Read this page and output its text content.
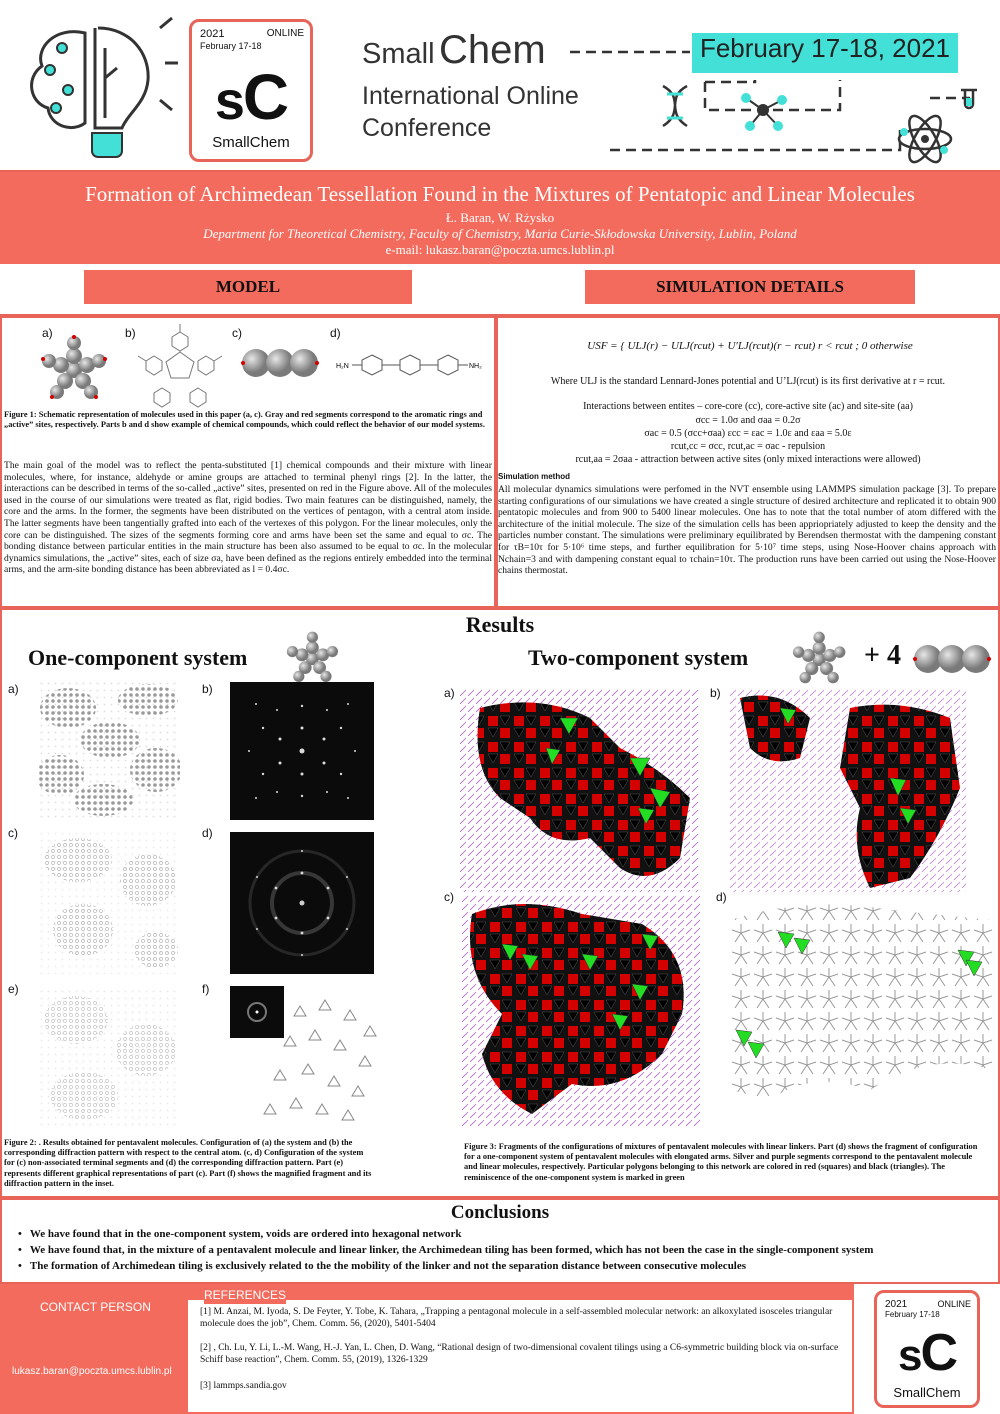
2021	ONLINE
February 17-18
sC
SmallChem
Small Chem
International Online
Conference
February 17-18, 2021
Formation of Archimedean Tessellation Found in the Mixtures of Pentatopic and Linear Molecules
Ł. Baran, W. Rżysko
Department for Theoretical Chemistry, Faculty of Chemistry, Maria Curie-Skłodowska University, Lublin, Poland
e-mail: lukasz.baran@poczta.umcs.lublin.pl
MODEL	SIMULATION DETAILS
a)	b)	c)	d)
H₂N	NH₂
Figure 1: Schematic representation of molecules used in this paper (a, c). Gray and red segments correspond to the aromatic rings and „active” sites, respectively. Parts b and d show example of chemical compounds, which could reflect the behavior of our model systems.

The main goal of the model was to reflect the penta-substituted [1] chemical compounds and their mixture with linear molecules, where, for instance, aldehyde or amine groups are attached to terminal phenyl rings [2]. In the latter, the interactions can be described in terms of the so-called „active” sites, presented on red in the Figure above. All of the molecules used in the course of our simulations were treated as flat, rigid bodies. Two main features can be distinguished, namely, the core and the arms. In the former, the segments have been distributed on the vertices of pentagon, with a central atom inside. The latter segments have been tangentially grafted into each of the vertexes of this polygon. For the linear molecules, only the core can be distinguished. The sizes of the segments forming core and arms have been set the same and equal to σc. The bonding distance between particular entities in the main structure has been also assumed to be equal to σc. In the molecular dynamics simulations, the „active” sites, each of size σa, have been defined as the regions entirely embedded into the terminal arms, and the arm-site bonding distance has been abbreviated as l = 0.4σc.

USF = { ULJ(r) − ULJ(rcut) + U′LJ(rcut)(r − rcut) r < rcut ; 0 otherwise
Where ULJ is the standard Lennard-Jones potential and U’LJ(rcut) is its first derivative at r = rcut.
Interactions between entites – core-core (cc), core-active site (ac) and site-site (aa)
σcc = 1.0σ and σaa = 0.2σ
σac = 0.5 (σcc+σaa) εcc = εac = 1.0ε and εaa = 5.0ε
rcut,cc = σcc, rcut,ac = σac - repulsion
rcut,aa = 2σaa - attraction between active sites (only mixed interactions were allowed)
Simulation method

All molecular dynamics simulations were perfomed in the NVT ensemble using LAMMPS simulation package [3]. To prepare starting configurations of our simulations we have created a single structure of desired architecture and replicated it to obtain 900 pentatopic molecules and from 900 to 5400 linear molecules. One has to note that the total number of atom differed with the architecture of the initial molecule. The size of the simulation cells has been appriopriately adjusted to keep the density and the particles number constant. The simulations were preliminary equilibrated by Berendsen thermostat with the dampening constant for τB=10τ for 5·10⁶ time steps, and further equilibration for 5·10⁷ time steps, using Nose-Hoover chains approach with Nchain=3 and with dampening constant equal to τchain=10τ. The production runs have been carried out using the Nose-Hoover chains thermostat.

Results
One-component system	Two-component system	+ 4
a)	b)
c)	d)
e)	f)
Figure 2: . Results obtained for pentavalent molecules. Configuration of (a) the system and (b) the corresponding diffraction pattern with respect to the central atom. (c, d) Configuration of the system for (c) non-associated terminal segments and (d) the corresponding diffraction pattern. Part (e) represents different graphical representations of part (c). Part (f) shows the magnified fragment and its diffraction pattern in the inset.
a)	b)
c)	d)
Figure 3: Fragments of the configurations of mixtures of pentavalent molecules with linear linkers. Part (d) shows the fragment of configuration for a one-component system of pentavalent molecules with elongated arms. Silver and purple segments correspond to the pentavalent molecule and linear molecules, respectively. Particular polygons belonging to this network are colored in red (squares) and black (triangles). The reminiscence of the one-component system is marked in green
Conclusions
• We have found that in the one-component system, voids are ordered into hexagonal network
• We have found that, in the mixture of a pentavalent molecule and linear linker, the Archimedean tiling has been formed, which has not been the case in the single-component system
• The formation of Archimedean tiling is exclusively related to the the mobility of the linker and not the separation distance between consecutive molecules
CONTACT PERSON
lukasz.baran@poczta.umcs.lublin.pl
REFERENCES
[1] M. Anzai, M. Iyoda, S. De Feyter, Y. Tobe, K. Tahara, „Trapping a pentagonal molecule in a self-assembled molecular network: an alkoxylated isosceles triangular molecule does the job”, Chem. Comm. 56, (2020), 5401-5404
[2] , Ch. Lu, Y. Li, L.-M. Wang, H.-J. Yan, L. Chen, D. Wang, “Rational design of two-dimensional covalent tilings using a C6-symmetric building block via on-surface Schiff base reaction”, Chem. Comm. 55, (2019), 1326-1329
[3] lammps.sandia.gov
2021	ONLINE
February 17-18
sC
SmallChem
